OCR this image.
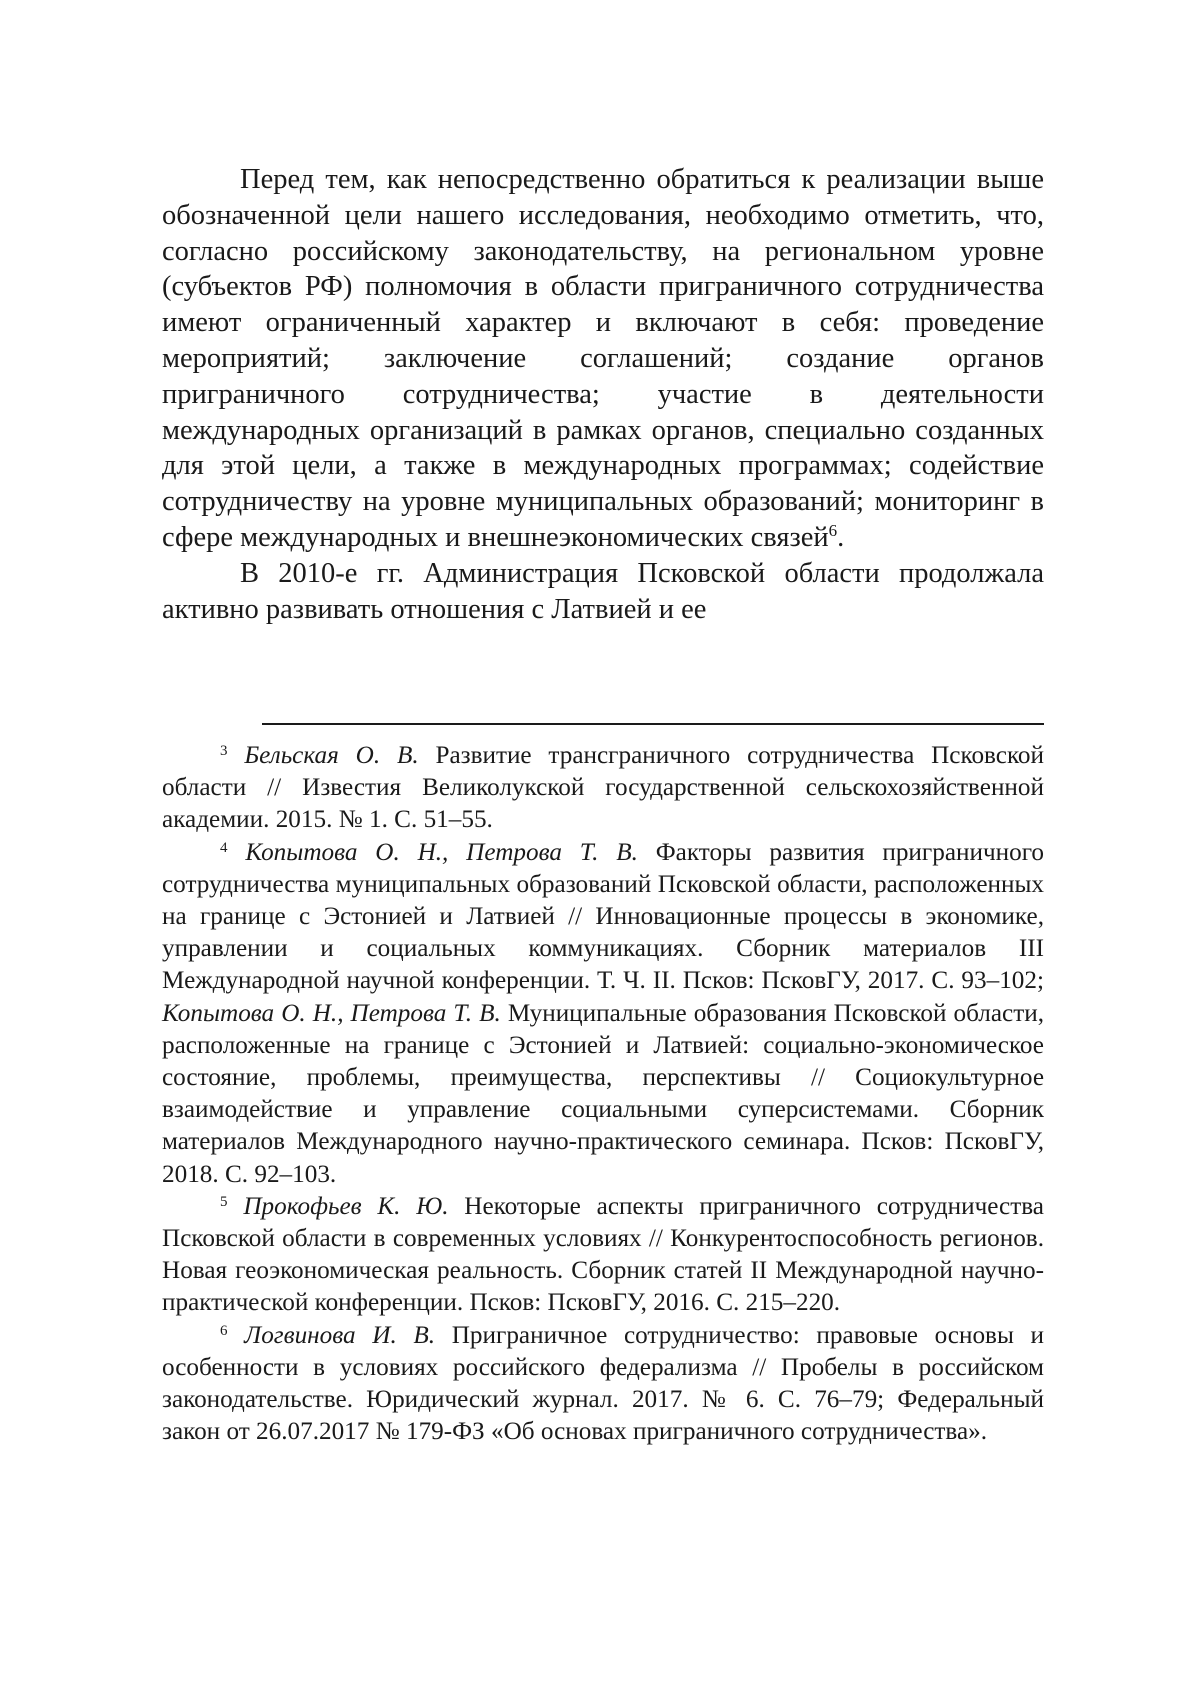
Перед тем, как непосредственно обратиться к реализации выше обозначенной цели нашего исследования, необходимо отметить, что, согласно российскому законодательству, на региональном уровне (субъектов РФ) полномочия в области приграничного сотрудничества имеют ограниченный характер и включают в себя: проведение мероприятий; заключение соглашений; создание органов приграничного сотрудничества; участие в деятельности международных организаций в рамках органов, специально созданных для этой цели, а также в международных программах; содействие сотрудничеству на уровне муниципальных образований; мониторинг в сфере международных и внешнеэкономических связей$^6$.

В 2010-е гг. Администрация Псковской области продолжала активно развивать отношения с Латвией и ее

$^3$ Бельская О. В. Развитие трансграничного сотрудничества Псковской области // Известия Великолукской государственной сельскохозяйственной академии. 2015. № 1. С. 51–55.

$^4$ Копытова О. Н., Петрова Т. В. Факторы развития приграничного сотрудничества муниципальных образований Псковской области, расположенных на границе с Эстонией и Латвией // Инновационные процессы в экономике, управлении и социальных коммуникациях. Сборник материалов III Международной научной конференции. Т. Ч. II. Псков: ПсковГУ, 2017. С. 93–102; Копытова О. Н., Петрова Т. В. Муниципальные образования Псковской области, расположенные на границе с Эстонией и Латвией: социально-экономическое состояние, проблемы, преимущества, перспективы // Социокультурное взаимодействие и управление социальными суперсистемами. Сборник материалов Международного научно-практического семинара. Псков: ПсковГУ, 2018. С. 92–103.

$^5$ Прокофьев К. Ю. Некоторые аспекты приграничного сотрудничества Псковской области в современных условиях // Конкурентоспособность регионов. Новая геоэкономическая реальность. Сборник статей II Международной научно-практической конференции. Псков: ПсковГУ, 2016. С. 215–220.

$^6$ Логвинова И. В. Приграничное сотрудничество: правовые основы и особенности в условиях российского федерализма // Пробелы в российском законодательстве. Юридический журнал. 2017. № 6. С. 76–79; Федеральный закон от 26.07.2017 № 179-ФЗ «Об основах приграничного сотрудничества».
